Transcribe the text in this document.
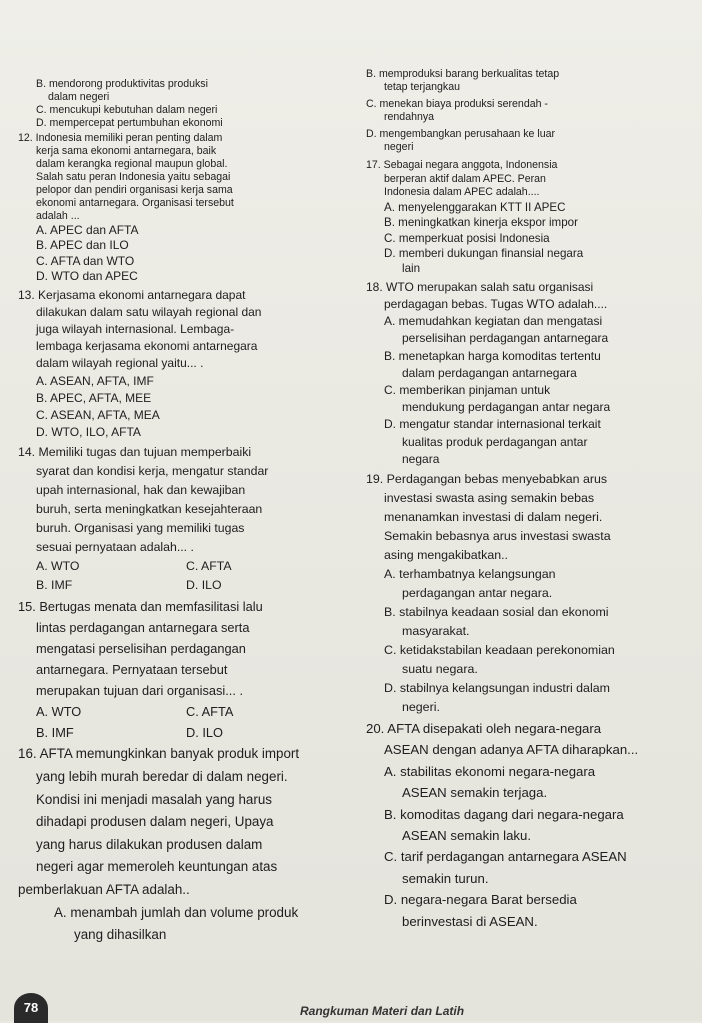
B. mendorong produktivitas produksi
dalam negeri
C. mencukupi kebutuhan dalam negeri
D. mempercepat pertumbuhan ekonomi
12. Indonesia memiliki peran penting dalam
kerja sama ekonomi antarnegara, baik
dalam kerangka regional maupun global.
Salah satu peran Indonesia yaitu sebagai
pelopor dan pendiri organisasi kerja sama
ekonomi antarnegara. Organisasi tersebut
adalah ...
A. APEC dan AFTA
B. APEC dan ILO
C. AFTA dan WTO
D. WTO dan APEC
13. Kerjasama ekonomi antarnegara dapat
dilakukan dalam satu wilayah regional dan
juga wilayah internasional. Lembaga-
lembaga kerjasama ekonomi antarnegara
dalam wilayah regional yaitu... .
A. ASEAN, AFTA, IMF
B. APEC, AFTA, MEE
C. ASEAN, AFTA, MEA
D. WTO, ILO, AFTA
14. Memiliki tugas dan tujuan memperbaiki
syarat dan kondisi kerja, mengatur standar
upah internasional, hak dan kewajiban
buruh, serta meningkatkan kesejahteraan
buruh. Organisasi yang memiliki tugas
sesuai pernyataan adalah... .
A. WTO	C. AFTA
B. IMF	D. ILO
15. Bertugas menata dan memfasilitasi lalu
lintas perdagangan antarnegara serta
mengatasi perselisihan perdagangan
antarnegara. Pernyataan tersebut
merupakan tujuan dari organisasi... .
A. WTO	C. AFTA
B. IMF	D. ILO
16. AFTA memungkinkan banyak produk import
yang lebih murah beredar di dalam negeri.
Kondisi ini menjadi masalah yang harus
dihadapi produsen dalam negeri, Upaya
yang harus dilakukan produsen dalam
negeri agar memeroleh keuntungan atas
pemberlakuan AFTA adalah..
A. menambah jumlah dan volume produk
yang dihasilkan
B. memproduksi barang berkualitas tetap
tetap terjangkau
C. menekan biaya produksi serendah -
rendahnya
D. mengembangkan perusahaan ke luar
negeri
17. Sebagai negara anggota, Indonensia
berperan aktif dalam APEC. Peran
Indonesia dalam APEC adalah....
A. menyelenggarakan KTT II APEC
B. meningkatkan kinerja ekspor impor
C. memperkuat posisi Indonesia
D. memberi dukungan finansial negara
lain
18. WTO merupakan salah satu organisasi
perdagagan bebas. Tugas WTO adalah....
A. memudahkan kegiatan dan mengatasi
perselisihan perdagangan antarnegara
B. menetapkan harga komoditas tertentu
dalam perdagangan antarnegara
C. memberikan pinjaman untuk
mendukung perdagangan antar negara
D. mengatur standar internasional terkait
kualitas produk perdagangan antar
negara
19. Perdagangan bebas menyebabkan arus
investasi swasta asing semakin bebas
menanamkan investasi di dalam negeri.
Semakin bebasnya arus investasi swasta
asing mengakibatkan..
A. terhambatnya kelangsungan
perdagangan antar negara.
B. stabilnya keadaan sosial dan ekonomi
masyarakat.
C. ketidakstabilan keadaan perekonomian
suatu negara.
D. stabilnya kelangsungan industri dalam
negeri.
20. AFTA disepakati oleh negara-negara
ASEAN dengan adanya AFTA diharapkan...
A. stabilitas ekonomi negara-negara
ASEAN semakin terjaga.
B. komoditas dagang dari negara-negara
ASEAN semakin laku.
C. tarif perdagangan antarnegara ASEAN
semakin turun.
D. negara-negara Barat bersedia
berinvestasi di ASEAN.
78	Rangkuman Materi dan Latih
